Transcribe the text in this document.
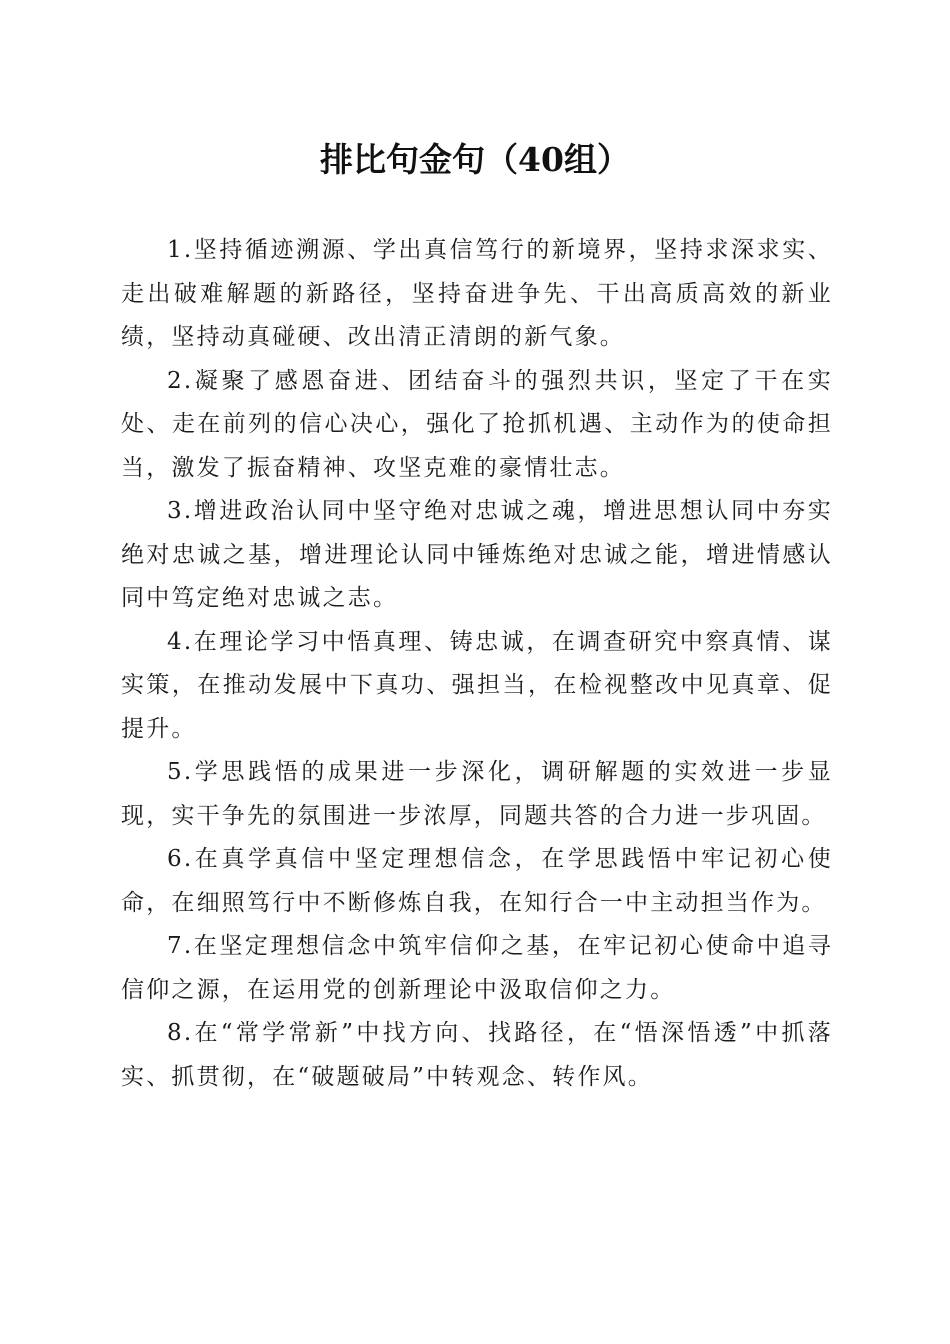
排比句金句（40组）

1.坚持循迹溯源、学出真信笃行的新境界，坚持求深求实、走出破难解题的新路径，坚持奋进争先、干出高质高效的新业绩，坚持动真碰硬、改出清正清朗的新气象。

2.凝聚了感恩奋进、团结奋斗的强烈共识，坚定了干在实处、走在前列的信心决心，强化了抢抓机遇、主动作为的使命担当，激发了振奋精神、攻坚克难的豪情壮志。

3.增进政治认同中坚守绝对忠诚之魂，增进思想认同中夯实绝对忠诚之基，增进理论认同中锤炼绝对忠诚之能，增进情感认同中笃定绝对忠诚之志。

4.在理论学习中悟真理、铸忠诚，在调查研究中察真情、谋实策，在推动发展中下真功、强担当，在检视整改中见真章、促提升。

5.学思践悟的成果进一步深化，调研解题的实效进一步显现，实干争先的氛围进一步浓厚，同题共答的合力进一步巩固。

6.在真学真信中坚定理想信念，在学思践悟中牢记初心使命，在细照笃行中不断修炼自我，在知行合一中主动担当作为。

7.在坚定理想信念中筑牢信仰之基，在牢记初心使命中追寻信仰之源，在运用党的创新理论中汲取信仰之力。

8.在“常学常新”中找方向、找路径，在“悟深悟透”中抓落实、抓贯彻，在“破题破局”中转观念、转作风。
